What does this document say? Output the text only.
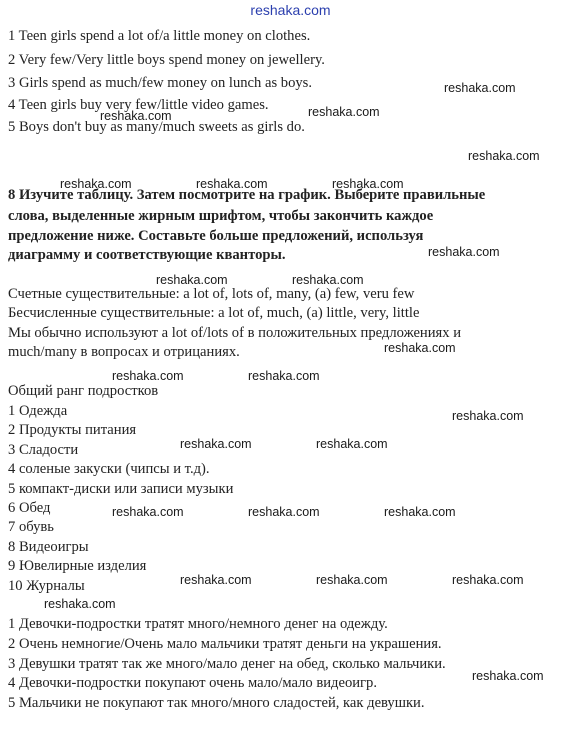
reshaka.com
1 Teen girls spend a lot of/a little money on clothes.
2 Very few/Very little boys spend money on jewellery.
3 Girls spend as much/few money on lunch as boys.
4 Teen girls buy very few/little video games.
5 Boys don't buy as many/much sweets as girls do.
8 Изучите таблицу. Затем посмотрите на график. Выберите правильные
слова, выделенные жирным шрифтом, чтобы закончить каждое
предложение ниже. Составьте больше предложений, используя
диаграмму и соответствующие кванторы.
Счетные существительные: a lot of, lots of, many, (a) few, veru few
Бесчисленные существительные: a lot of, much, (a) little, very, little
Мы обычно используют a lot of/lots of в положительных предложениях и
much/many в вопросах и отрицаниях.
Общий ранг подростков
1 Одежда
2 Продукты питания
3 Сладости
4 соленые закуски (чипсы и т.д).
5 компакт-диски или записи музыки
6 Обед
7 обувь
8 Видеоигры
9 Ювелирные изделия
10 Журналы
1 Девочки-подростки тратят много/немного денег на одежду.
2 Очень немногие/Очень мало мальчики тратят деньги на украшения.
3 Девушки тратят так же много/мало денег на обед, сколько мальчики.
4 Девочки-подростки покупают очень мало/мало видеоигр.
5 Мальчики не покупают так много/много сладостей, как девушки.
reshaka.com
reshaka.com
reshaka.com
reshaka.com
reshaka.com	reshaka.com	reshaka.com
reshaka.com
reshaka.com	reshaka.com
reshaka.com
reshaka.com	reshaka.com
reshaka.com
reshaka.com	reshaka.com
reshaka.com	reshaka.com	reshaka.com
reshaka.com	reshaka.com	reshaka.com
reshaka.com
reshaka.com
